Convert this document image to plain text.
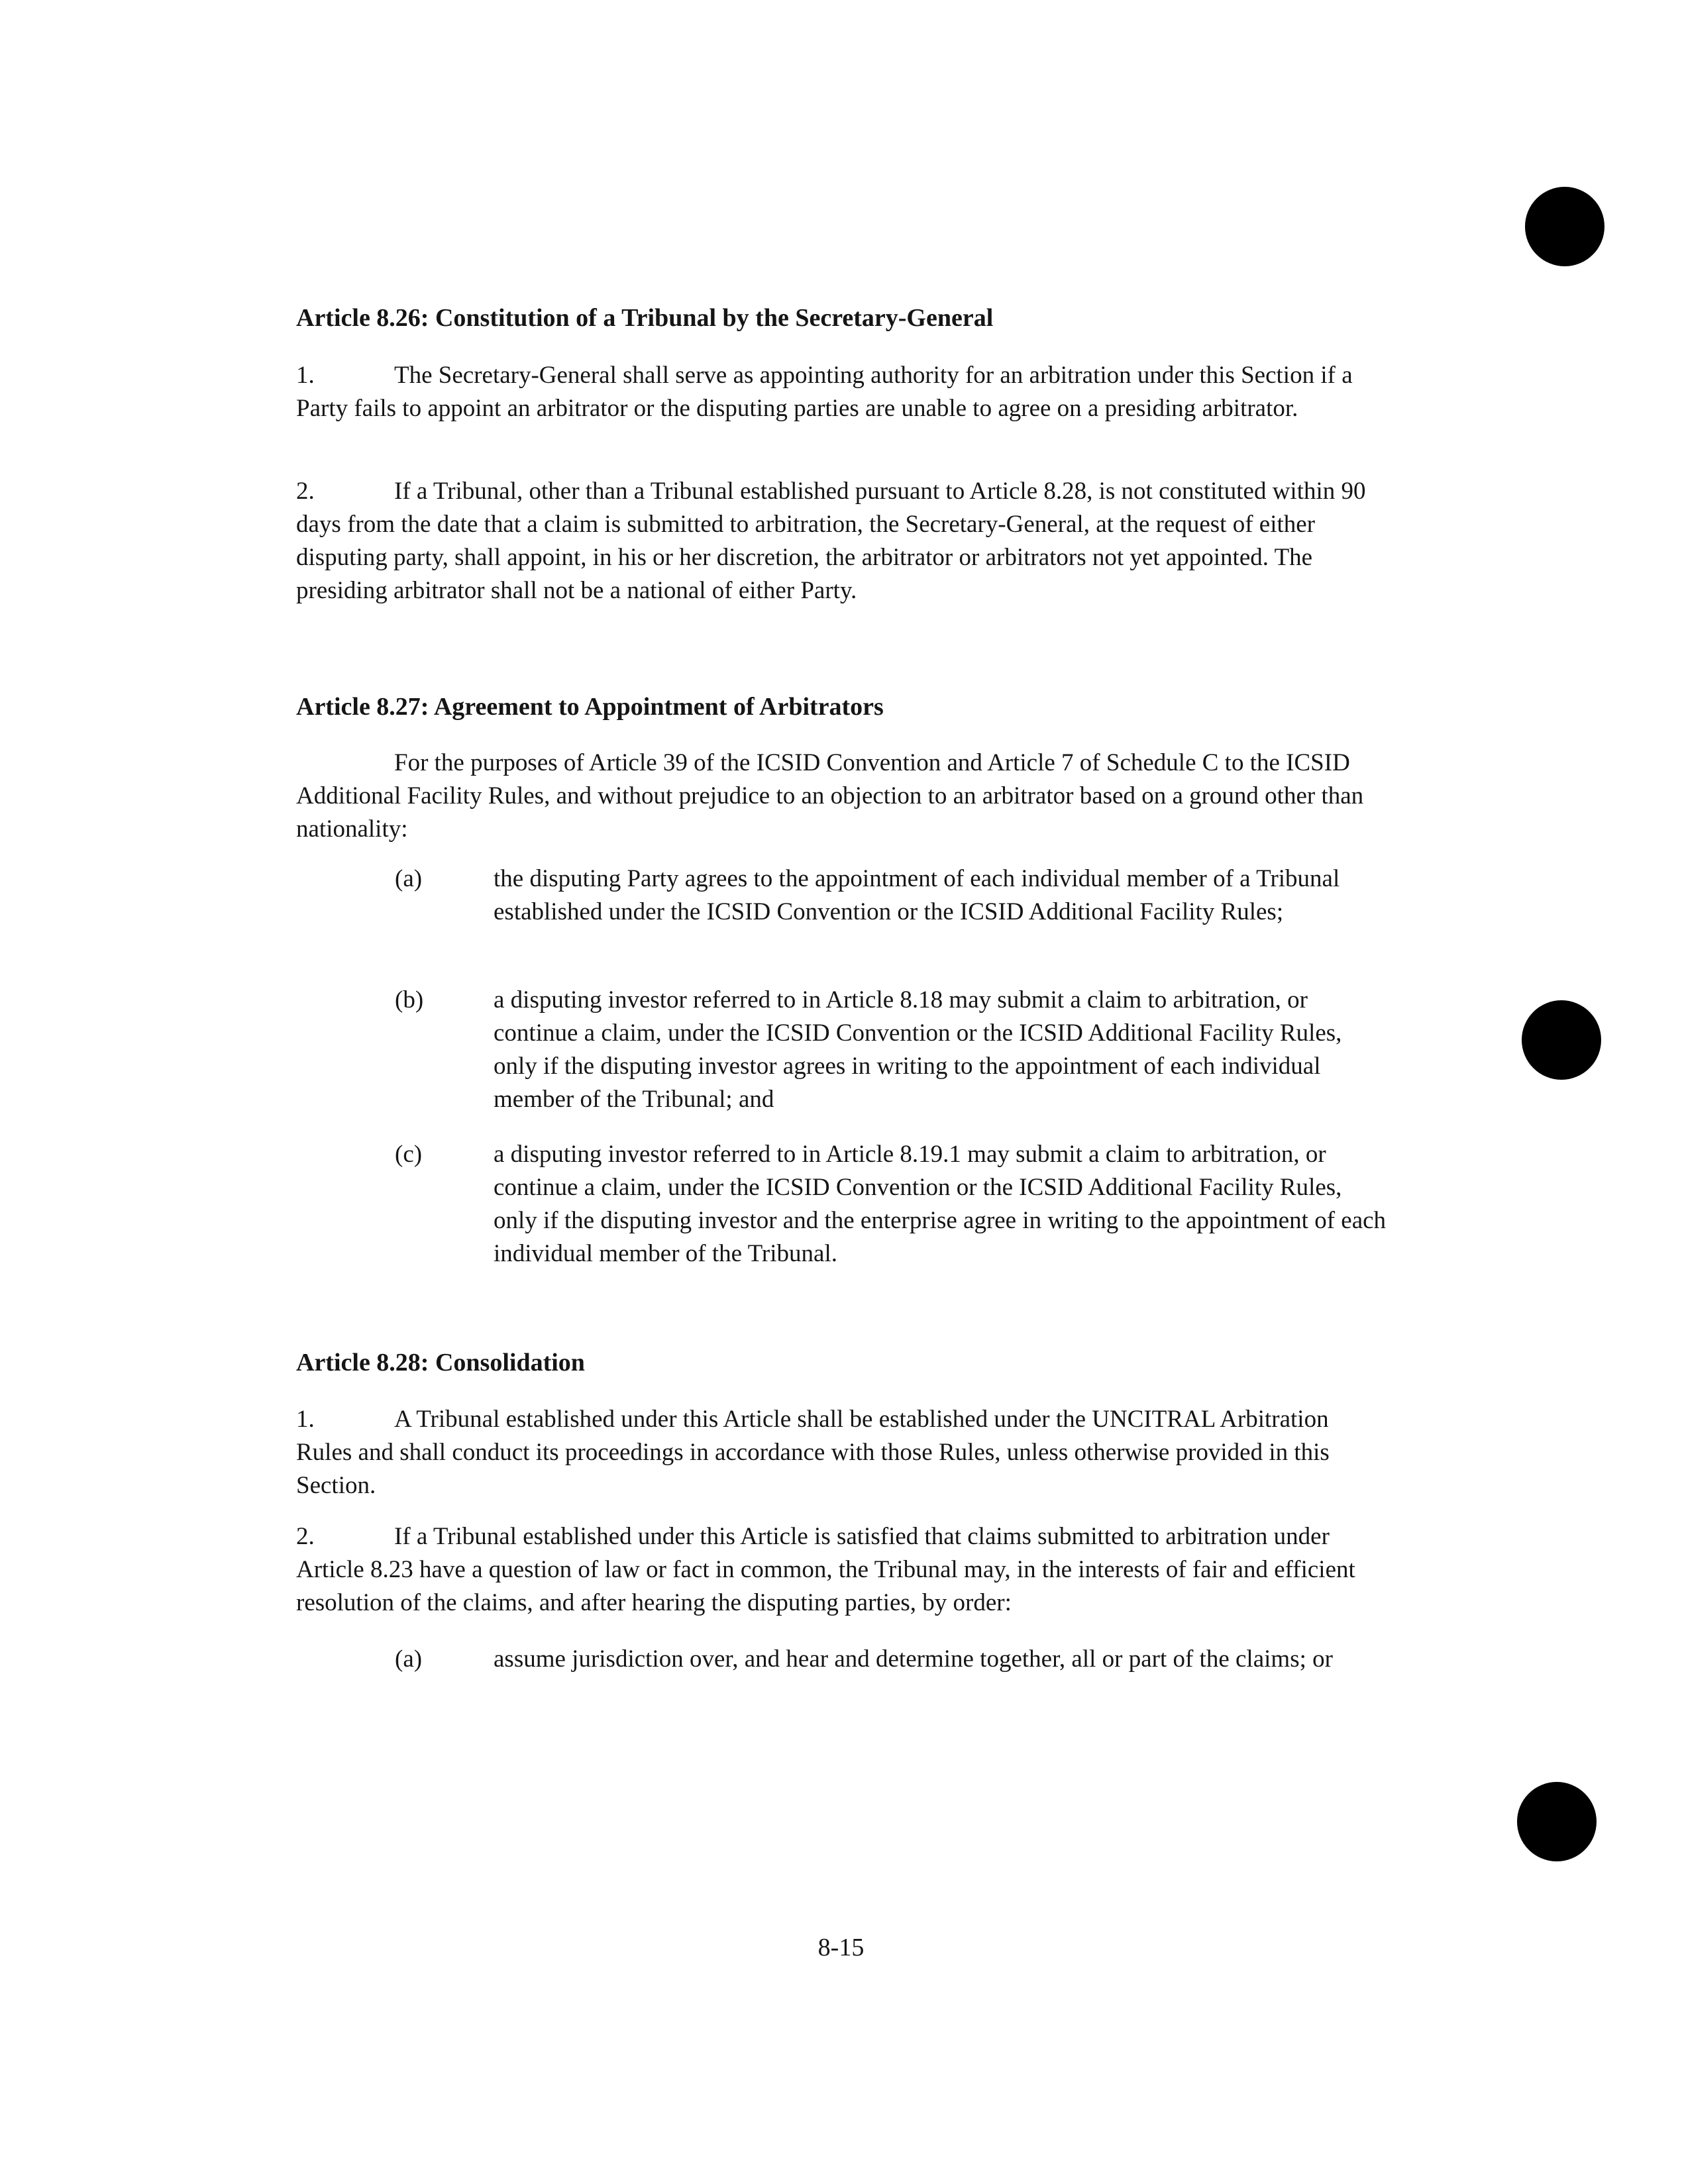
Article 8.26: Constitution of a Tribunal by the Secretary-General
1.	The Secretary-General shall serve as appointing authority for an arbitration under this Section if a Party fails to appoint an arbitrator or the disputing parties are unable to agree on a presiding arbitrator.
2.	If a Tribunal, other than a Tribunal established pursuant to Article 8.28, is not constituted within 90 days from the date that a claim is submitted to arbitration, the Secretary-General, at the request of either disputing party, shall appoint, in his or her discretion, the arbitrator or arbitrators not yet appointed. The presiding arbitrator shall not be a national of either Party.
Article 8.27: Agreement to Appointment of Arbitrators
For the purposes of Article 39 of the ICSID Convention and Article 7 of Schedule C to the ICSID Additional Facility Rules, and without prejudice to an objection to an arbitrator based on a ground other than nationality:
(a)	the disputing Party agrees to the appointment of each individual member of a Tribunal established under the ICSID Convention or the ICSID Additional Facility Rules;
(b)	a disputing investor referred to in Article 8.18 may submit a claim to arbitration, or continue a claim, under the ICSID Convention or the ICSID Additional Facility Rules, only if the disputing investor agrees in writing to the appointment of each individual member of the Tribunal; and
(c)	a disputing investor referred to in Article 8.19.1 may submit a claim to arbitration, or continue a claim, under the ICSID Convention or the ICSID Additional Facility Rules, only if the disputing investor and the enterprise agree in writing to the appointment of each individual member of the Tribunal.
Article 8.28: Consolidation
1.	A Tribunal established under this Article shall be established under the UNCITRAL Arbitration Rules and shall conduct its proceedings in accordance with those Rules, unless otherwise provided in this Section.
2.	If a Tribunal established under this Article is satisfied that claims submitted to arbitration under Article 8.23 have a question of law or fact in common, the Tribunal may, in the interests of fair and efficient resolution of the claims, and after hearing the disputing parties, by order:
(a)	assume jurisdiction over, and hear and determine together, all or part of the claims; or
8-15
